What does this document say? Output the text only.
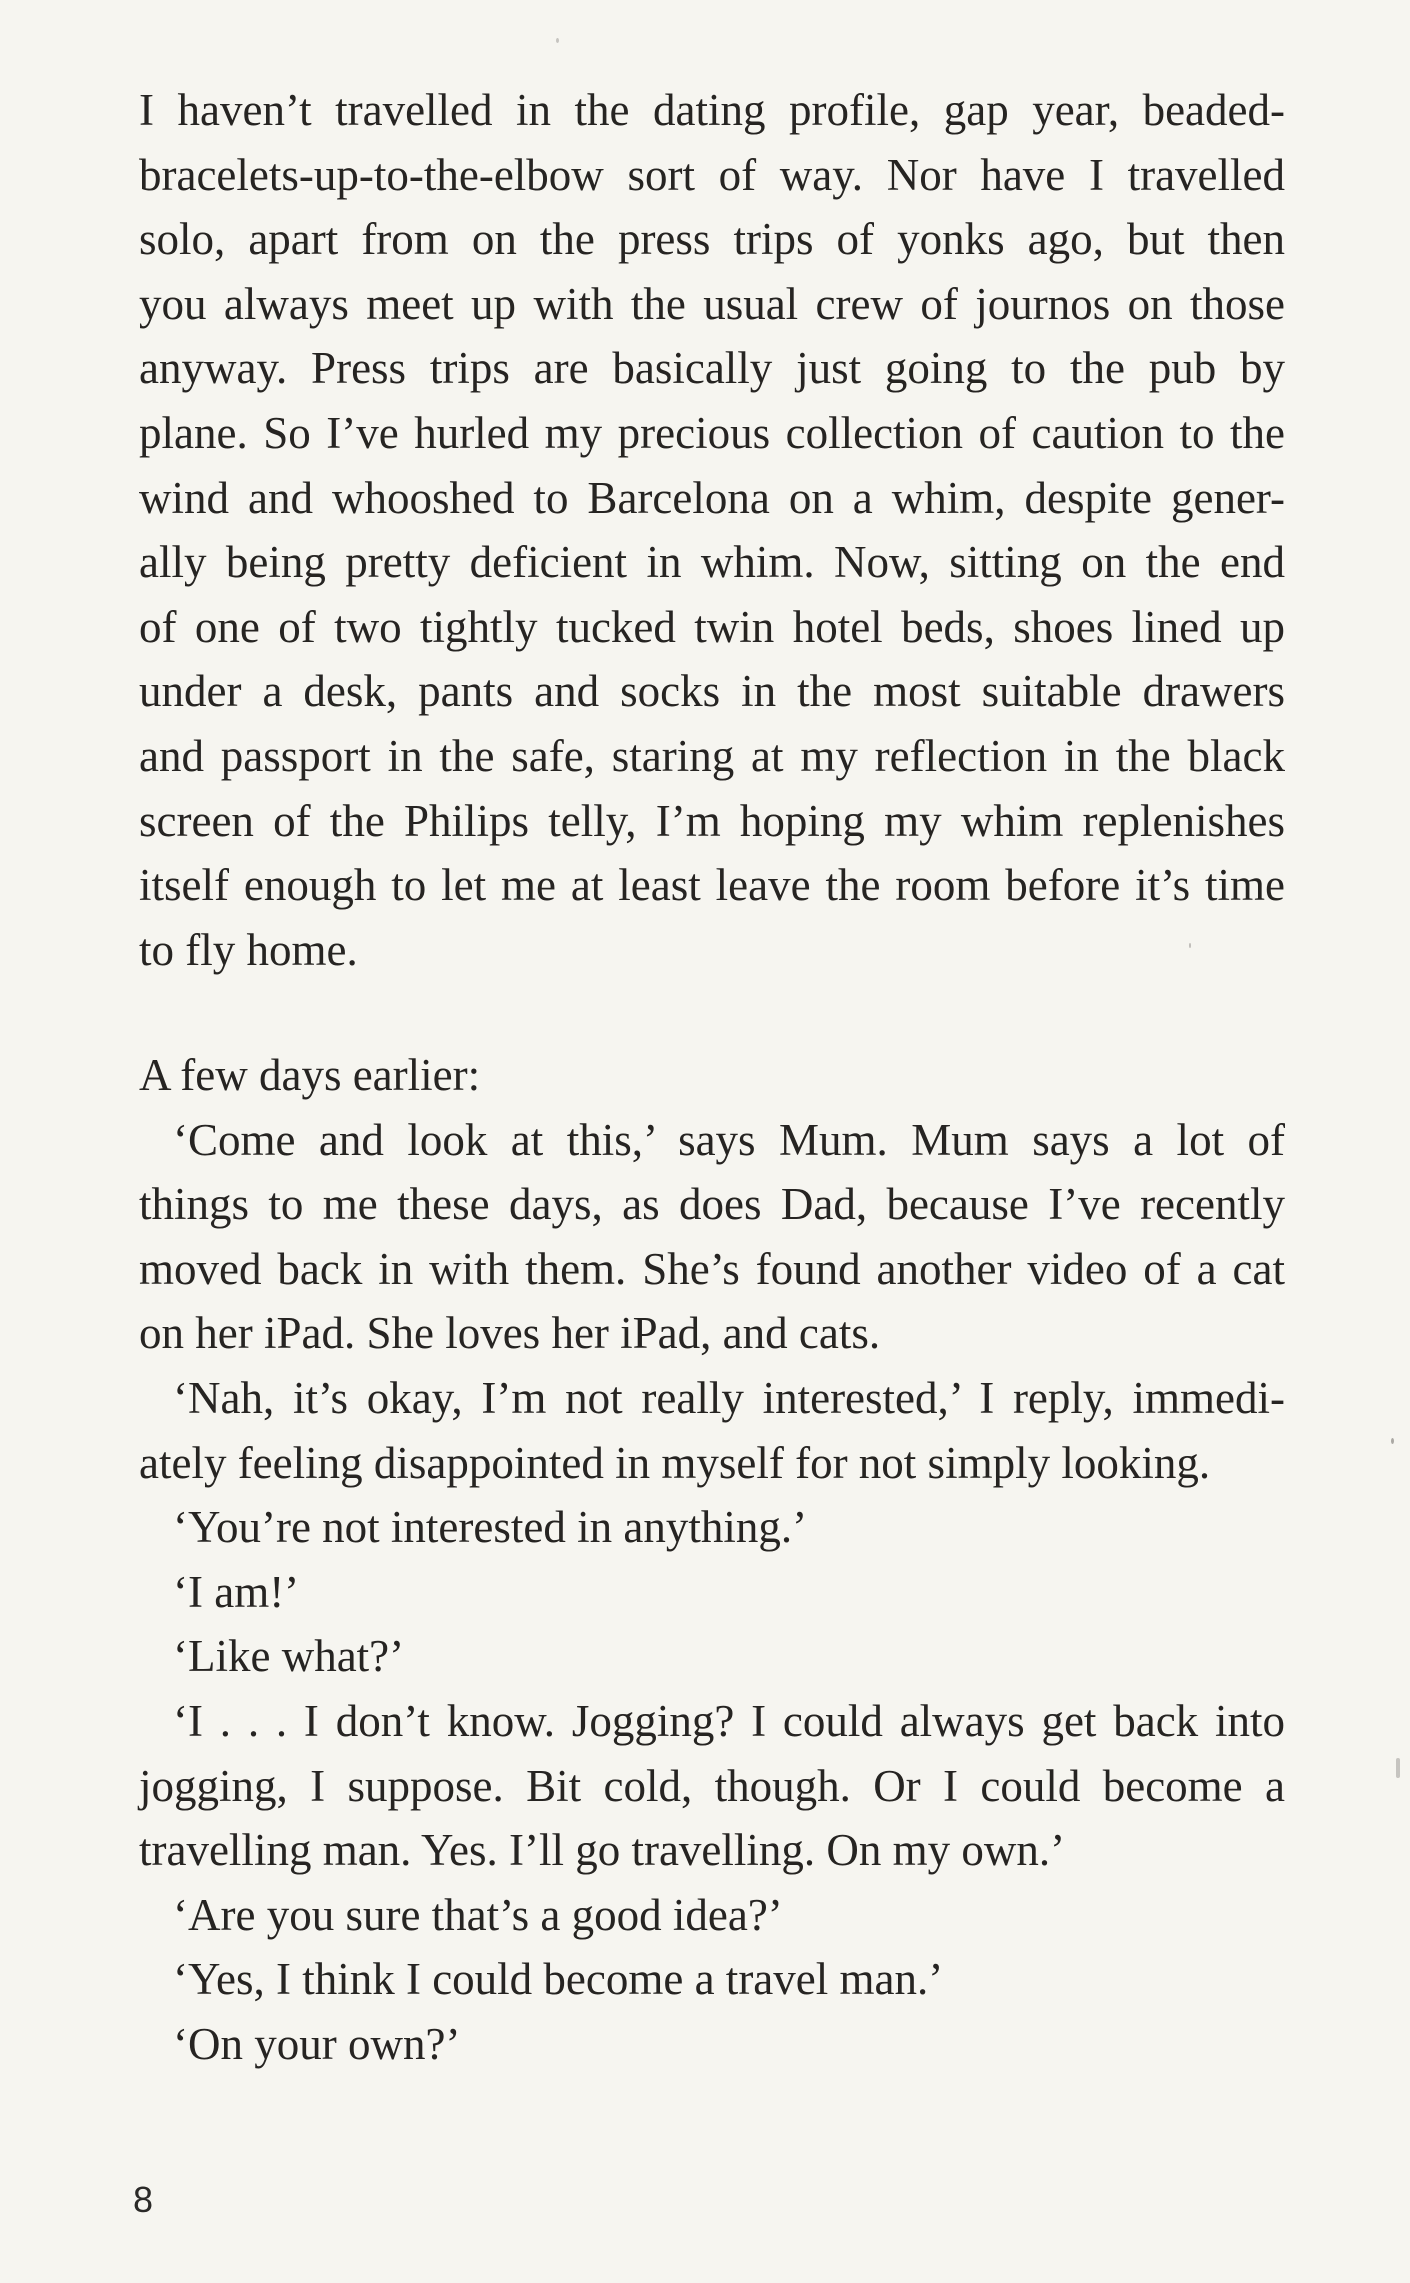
I haven’t travelled in the dating profile, gap year, beaded-
bracelets-up-to-the-elbow sort of way. Nor have I travelled
solo, apart from on the press trips of yonks ago, but then
you always meet up with the usual crew of journos on those
anyway. Press trips are basically just going to the pub by
plane. So I’ve hurled my precious collection of caution to the
wind and whooshed to Barcelona on a whim, despite gener-
ally being pretty deficient in whim. Now, sitting on the end
of one of two tightly tucked twin hotel beds, shoes lined up
under a desk, pants and socks in the most suitable drawers
and passport in the safe, staring at my reflection in the black
screen of the Philips telly, I’m hoping my whim replenishes
itself enough to let me at least leave the room before it’s time
to fly home.
A few days earlier:
‘Come and look at this,’ says Mum. Mum says a lot of
things to me these days, as does Dad, because I’ve recently
moved back in with them. She’s found another video of a cat
on her iPad. She loves her iPad, and cats.
‘Nah, it’s okay, I’m not really interested,’ I reply, immedi-
ately feeling disappointed in myself for not simply looking.
‘You’re not interested in anything.’
‘I am!’
‘Like what?’
‘I . . . I don’t know. Jogging? I could always get back into
jogging, I suppose. Bit cold, though. Or I could become a
travelling man. Yes. I’ll go travelling. On my own.’
‘Are you sure that’s a good idea?’
‘Yes, I think I could become a travel man.’
‘On your own?’
8
